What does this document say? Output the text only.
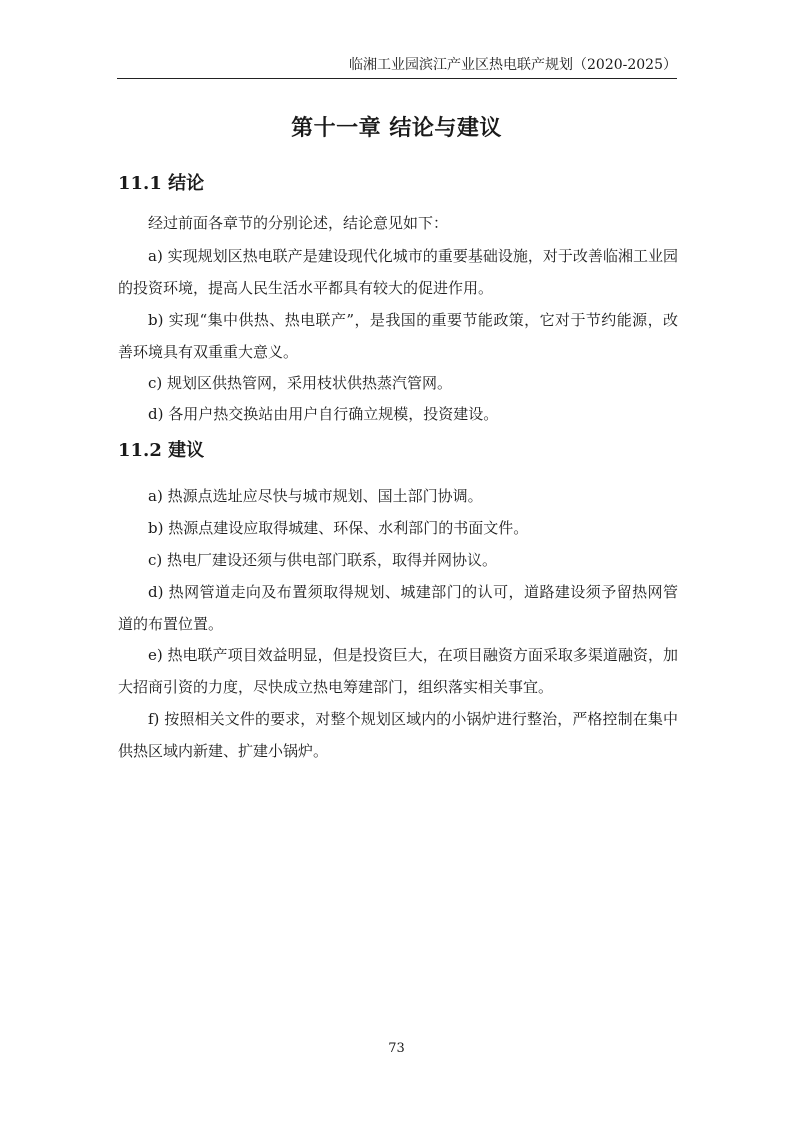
临湘工业园滨江产业区热电联产规划（2020-2025）
第十一章 结论与建议
11.1 结论

经过前面各章节的分别论述，结论意见如下：

a) 实现规划区热电联产是建设现代化城市的重要基础设施，对于改善临湘工业园的投资环境，提高人民生活水平都具有较大的促进作用。

b) 实现“集中供热、热电联产”，是我国的重要节能政策，它对于节约能源，改善环境具有双重重大意义。

c) 规划区供热管网，采用枝状供热蒸汽管网。

d) 各用户热交换站由用户自行确立规模，投资建设。

11.2 建议

a) 热源点选址应尽快与城市规划、国土部门协调。

b) 热源点建设应取得城建、环保、水利部门的书面文件。

c) 热电厂建设还须与供电部门联系，取得并网协议。

d) 热网管道走向及布置须取得规划、城建部门的认可，道路建设须予留热网管道的布置位置。

e) 热电联产项目效益明显，但是投资巨大，在项目融资方面采取多渠道融资，加大招商引资的力度，尽快成立热电筹建部门，组织落实相关事宜。

f) 按照相关文件的要求，对整个规划区域内的小锅炉进行整治，严格控制在集中供热区域内新建、扩建小锅炉。

73
